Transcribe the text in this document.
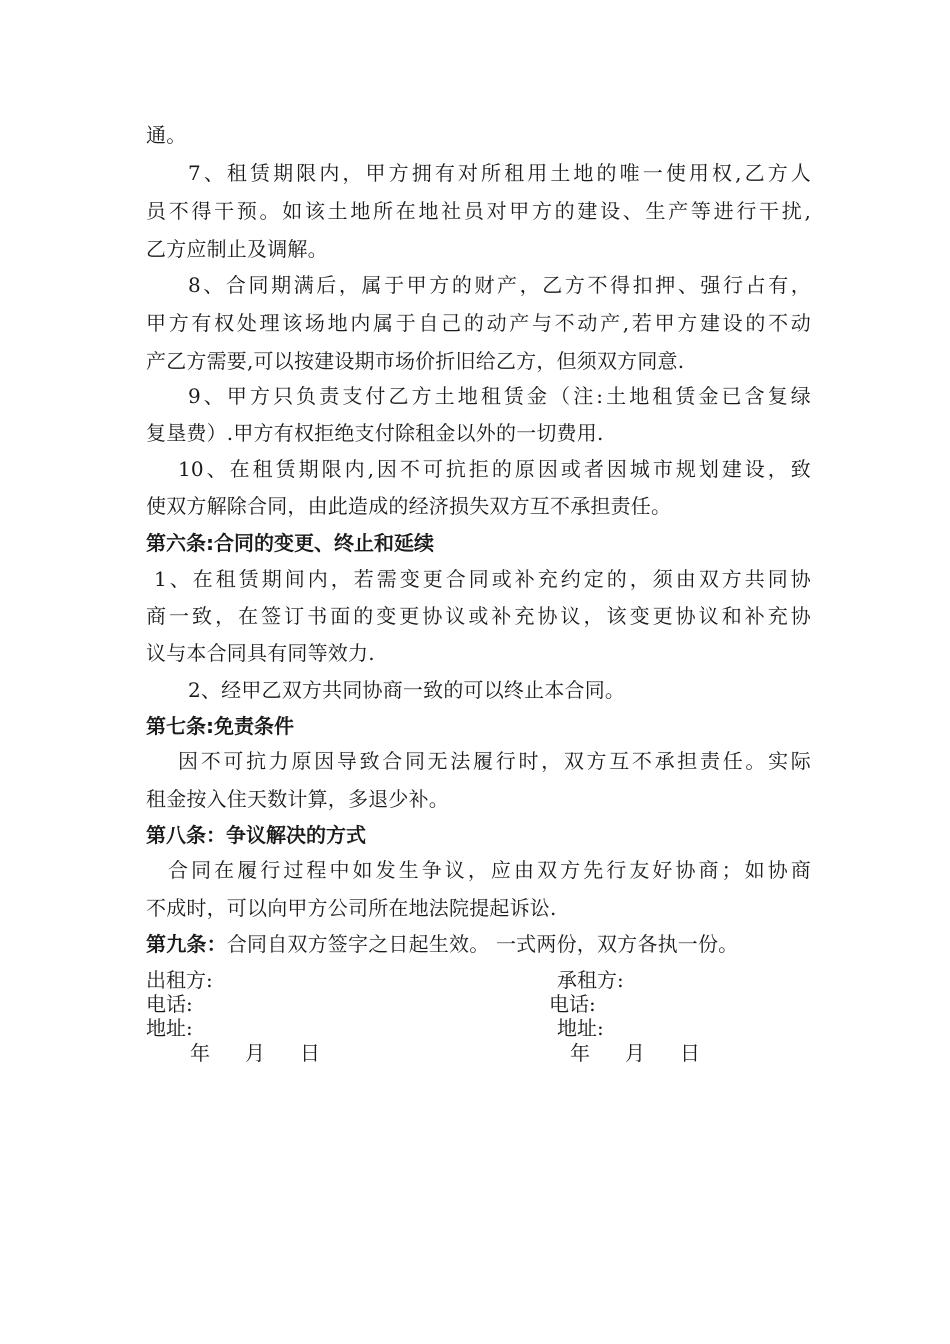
通。
7、租赁期限内，甲方拥有对所租用土地的唯一使用权,乙方人
员不得干预。如该土地所在地社员对甲方的建设、生产等进行干扰,
乙方应制止及调解。
8、合同期满后，属于甲方的财产，乙方不得扣押、强行占有，
甲方有权处理该场地内属于自己的动产与不动产,若甲方建设的不动
产乙方需要,可以按建设期市场价折旧给乙方，但须双方同意.
9、甲方只负责支付乙方土地租赁金（注:土地租赁金已含复绿
复垦费）.甲方有权拒绝支付除租金以外的一切费用.
10、在租赁期限内,因不可抗拒的原因或者因城市规划建设，致
使双方解除合同，由此造成的经济损失双方互不承担责任。
第六条:合同的变更、终止和延续
1、在租赁期间内，若需变更合同或补充约定的，须由双方共同协
商一致，在签订书面的变更协议或补充协议，该变更协议和补充协
议与本合同具有同等效力.
2、经甲乙双方共同协商一致的可以终止本合同。
第七条:免责条件
因不可抗力原因导致合同无法履行时，双方互不承担责任。实际
租金按入住天数计算，多退少补。
第八条：争议解决的方式
合同在履行过程中如发生争议，应由双方先行友好协商；如协商
不成时，可以向甲方公司所在地法院提起诉讼.
第九条：合同自双方签字之日起生效。 一式两份，双方各执一份。
出租方:	承租方:
电话:	电话:
地址:	地址:
年 月 日	年 月 日
